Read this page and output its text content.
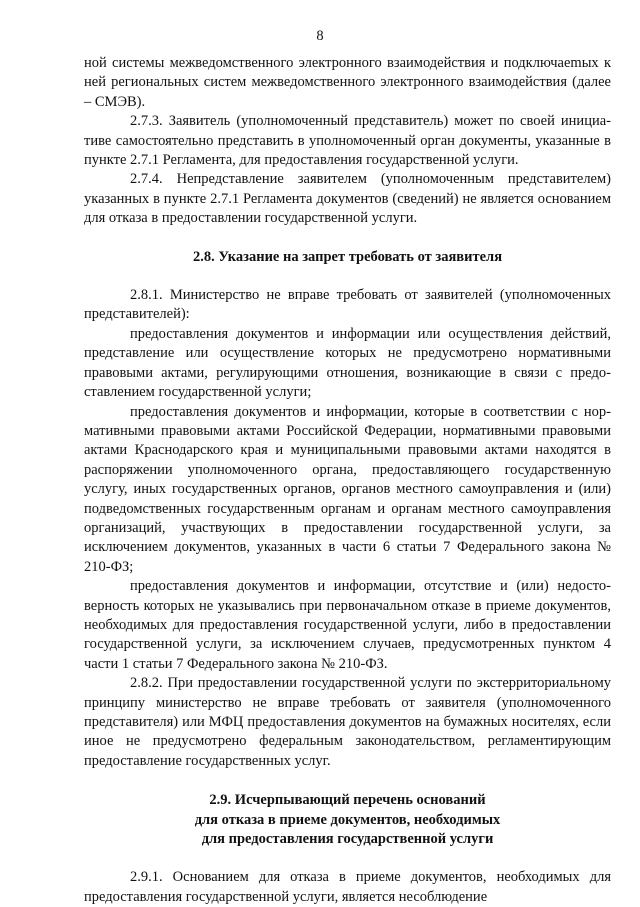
8

ной системы межведомственного электронного взаимодействия и подключаеmых к ней региональных систем межведомственного электронного взаимодействия (далее – СМЭВ).

2.7.3. Заявитель (уполномоченный представитель) может по своей инициативе самостоятельно представить в уполномоченный орган документы, указанные в пункте 2.7.1 Регламента, для предоставления государственной услуги.

2.7.4. Непредставление заявителем (уполномоченным представителем) указанных в пункте 2.7.1 Регламента документов (сведений) не является основанием для отказа в предоставлении государственной услуги.

2.8. Указание на запрет требовать от заявителя

2.8.1. Министерство не вправе требовать от заявителей (уполномоченных представителей):

предоставления документов и информации или осуществления действий, представление или осуществление которых не предусмотрено нормативными правовыми актами, регулирующими отношения, возникающие в связи с предоставлением государственной услуги;

предоставления документов и информации, которые в соответствии с нормативными правовыми актами Российской Федерации, нормативными правовыми актами Краснодарского края и муниципальными правовыми актами находятся в распоряжении уполномоченного органа, предоставляющего государственную услугу, иных государственных органов, органов местного самоуправления и (или) подведомственных государственным органам и органам местного самоуправления организаций, участвующих в предоставлении государственной услуги, за исключением документов, указанных в части 6 статьи 7 Федерального закона № 210-ФЗ;

предоставления документов и информации, отсутствие и (или) недостоверность которых не указывались при первоначальном отказе в приеме документов, необходимых для предоставления государственной услуги, либо в предоставлении государственной услуги, за исключением случаев, предусмотренных пунктом 4 части 1 статьи 7 Федерального закона № 210-ФЗ.

2.8.2. При предоставлении государственной услуги по экстерриториальному принципу министерство не вправе требовать от заявителя (уполномоченного представителя) или МФЦ предоставления документов на бумажных носителях, если иное не предусмотрено федеральным законодательством, регламентирующим предоставление государственных услуг.

2.9. Исчерпывающий перечень оснований
для отказа в приеме документов, необходимых
для предоставления государственной услуги

2.9.1. Основанием для отказа в приеме документов, необходимых для предоставления государственной услуги, является несоблюдение
